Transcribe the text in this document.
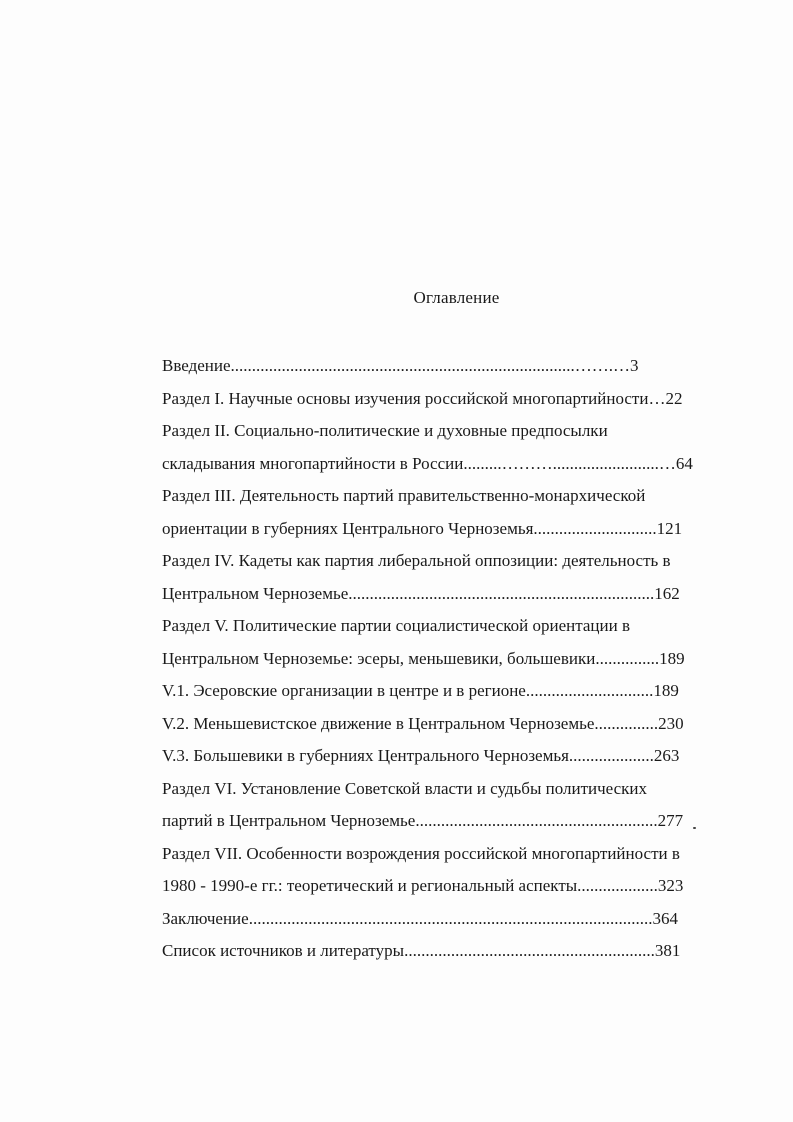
Оглавление
Введение .................................................................................…….… 3
Раздел I. Научные основы изучения российской многопартийности… 22
Раздел II. Социально-политические и духовные предпосылки
складывания многопартийности в России .........……….........................… 64
Раздел III. Деятельность партий правительственно-монархической
ориентации в губерниях Центрального Черноземья ............................. 121
Раздел IV. Кадеты как партия либеральной оппозиции: деятельность в
Центральном Черноземье ........................................................................ 162
Раздел V. Политические партии социалистической ориентации в
Центральном Черноземье: эсеры, меньшевики, большевики ............... 189
V.1. Эсеровские организации в центре и в регионе .............................. 189
V.2. Меньшевистское движение в Центральном Черноземье ............... 230
V.3. Большевики в губерниях Центрального Черноземья .................... 263
Раздел VI. Установление Советской власти и судьбы политических
партий в Центральном Черноземье ......................................................... 277
Раздел VII. Особенности возрождения российской многопартийности в
1980 - 1990-е гг.: теоретический и региональный аспекты ................... 323
Заключение ............................................................................................... 364
Список источников и литературы ........................................................... 381
